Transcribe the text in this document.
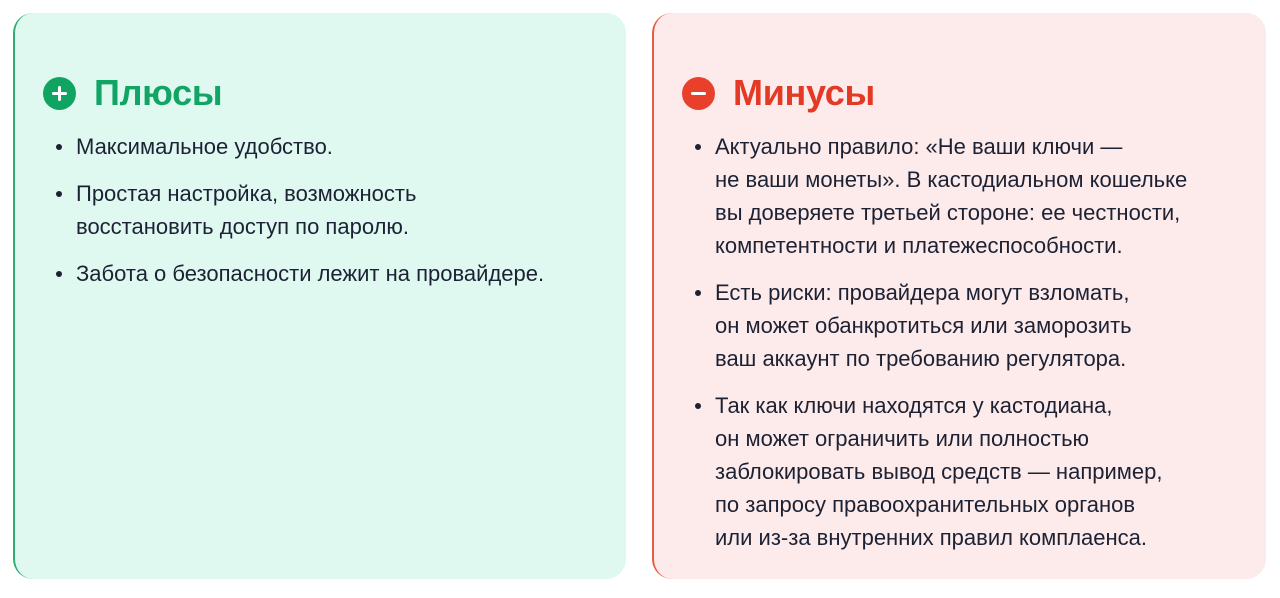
Плюсы
Максимальное удобство.
Простая настройка, возможность
восстановить доступ по паролю.
Забота о безопасности лежит на провайдере.
Минусы
Актуально правило: «Не ваши ключи —
не ваши монеты». В кастодиальном кошельке
вы доверяете третьей стороне: ее честности,
компетентности и платежеспособности.
Есть риски: провайдера могут взломать,
он может обанкротиться или заморозить
ваш аккаунт по требованию регулятора.
Так как ключи находятся у кастодиана,
он может ограничить или полностью
заблокировать вывод средств — например,
по запросу правоохранительных органов
или из-за внутренних правил комплаенса.
